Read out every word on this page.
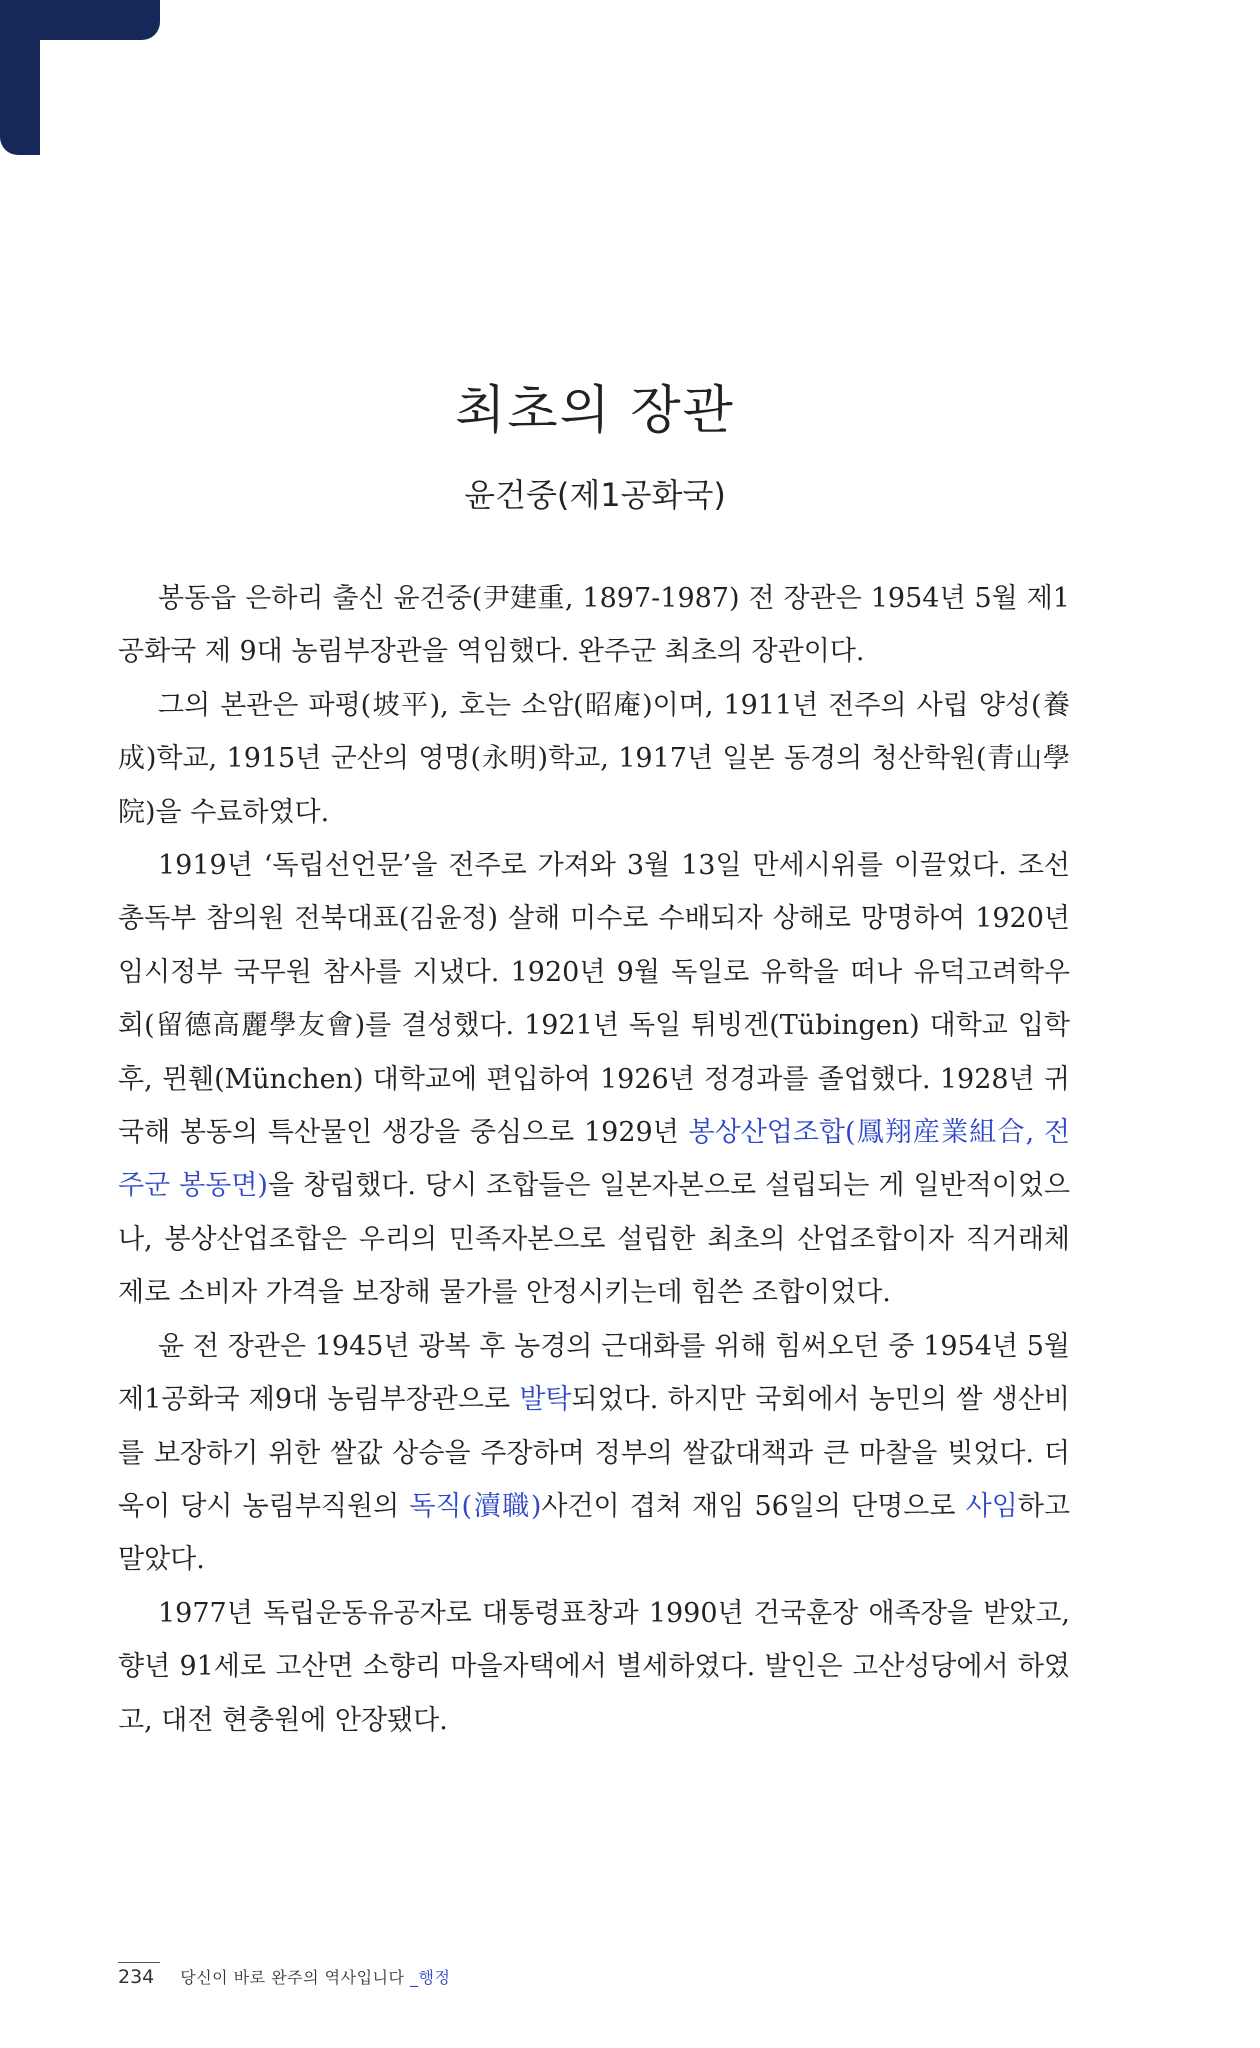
최초의 장관
윤건중(제1공화국)

봉동읍 은하리 출신 윤건중(尹建重, 1897-1987) 전 장관은 1954년 5월 제1공화국 제 9대 농림부장관을 역임했다. 완주군 최초의 장관이다.

그의 본관은 파평(坡平), 호는 소암(昭庵)이며, 1911년 전주의 사립 양성(養成)학교, 1915년 군산의 영명(永明)학교, 1917년 일본 동경의 청산학원(青山學院)을 수료하였다.

1919년 ‘독립선언문’을 전주로 가져와 3월 13일 만세시위를 이끌었다. 조선총독부 참의원 전북대표(김윤정) 살해 미수로 수배되자 상해로 망명하여 1920년 임시정부 국무원 참사를 지냈다. 1920년 9월 독일로 유학을 떠나 유덕고려학우회(留德高麗學友會)를 결성했다. 1921년 독일 튀빙겐(Tübingen) 대학교 입학 후, 뮌휀(München) 대학교에 편입하여 1926년 정경과를 졸업했다. 1928년 귀국해 봉동의 특산물인 생강을 중심으로 1929년 봉상산업조합(鳳翔産業組合, 전주군 봉동면)을 창립했다. 당시 조합들은 일본자본으로 설립되는 게 일반적이었으나, 봉상산업조합은 우리의 민족자본으로 설립한 최초의 산업조합이자 직거래체제로 소비자 가격을 보장해 물가를 안정시키는데 힘쓴 조합이었다.

윤 전 장관은 1945년 광복 후 농경의 근대화를 위해 힘써오던 중 1954년 5월 제1공화국 제9대 농림부장관으로 발탁되었다. 하지만 국회에서 농민의 쌀 생산비를 보장하기 위한 쌀값 상승을 주장하며 정부의 쌀값대책과 큰 마찰을 빚었다. 더욱이 당시 농림부직원의 독직(瀆職)사건이 겹쳐 재임 56일의 단명으로 사임하고 말았다.

1977년 독립운동유공자로 대통령표창과 1990년 건국훈장 애족장을 받았고, 향년 91세로 고산면 소향리 마을자택에서 별세하였다. 발인은 고산성당에서 하였고, 대전 현충원에 안장됐다.

234 당신이 바로 완주의 역사입니다 _행정
